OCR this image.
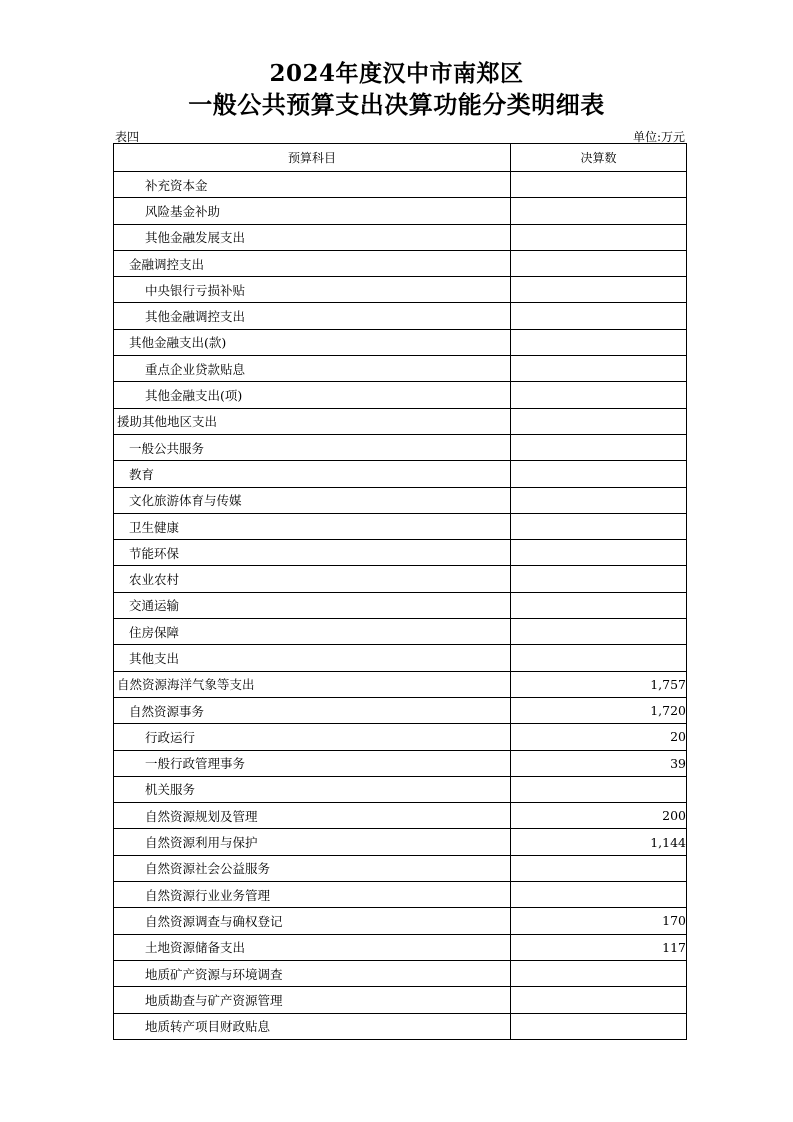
2024年度汉中市南郑区
一般公共预算支出决算功能分类明细表
表四	单位:万元
预算科目	决算数
补充资本金	
风险基金补助	
其他金融发展支出	
金融调控支出	
中央银行亏损补贴	
其他金融调控支出	
其他金融支出(款)	
重点企业贷款贴息	
其他金融支出(项)	
援助其他地区支出	
一般公共服务	
教育	
文化旅游体育与传媒	
卫生健康	
节能环保	
农业农村	
交通运输	
住房保障	
其他支出	
自然资源海洋气象等支出	1,757
自然资源事务	1,720
行政运行	20
一般行政管理事务	39
机关服务	
自然资源规划及管理	200
自然资源利用与保护	1,144
自然资源社会公益服务	
自然资源行业业务管理	
自然资源调查与确权登记	170
土地资源储备支出	117
地质矿产资源与环境调查	
地质勘查与矿产资源管理	
地质转产项目财政贴息	
